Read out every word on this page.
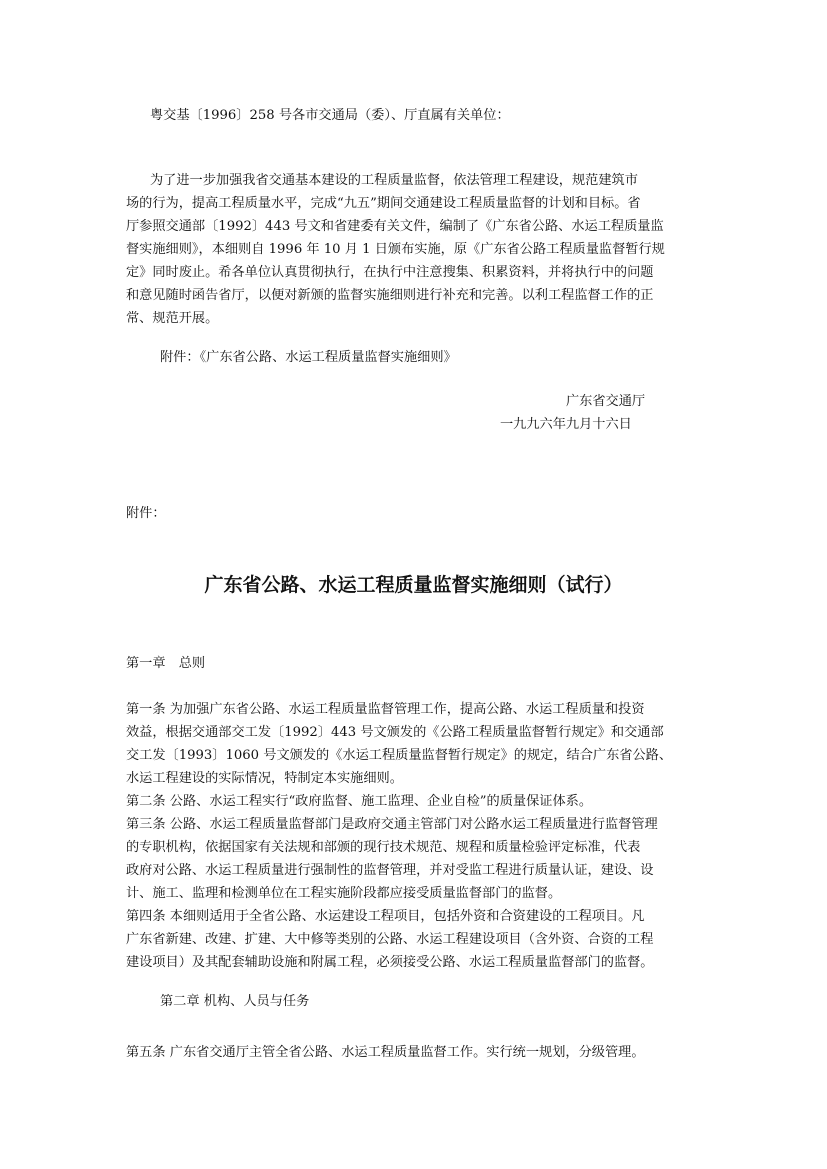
粤交基〔1996〕258 号各市交通局（委）、厅直属有关单位：

为了进一步加强我省交通基本建设的工程质量监督，依法管理工程建设，规范建筑市

场的行为，提高工程质量水平，完成“九五”期间交通建设工程质量监督的计划和目标。省

厅参照交通部〔1992〕443 号文和省建委有关文件，编制了《广东省公路、水运工程质量监

督实施细则》，本细则自 1996 年 10 月 1 日颁布实施，原《广东省公路工程质量监督暂行规

定》同时废止。希各单位认真贯彻执行，在执行中注意搜集、积累资料，并将执行中的问题

和意见随时函告省厅，以便对新颁的监督实施细则进行补充和完善。以利工程监督工作的正

常、规范开展。

附件：《广东省公路、水运工程质量监督实施细则》

广东省交通厅

一九九六年九月十六日

附件：

广东省公路、水运工程质量监督实施细则（试行）

第一章　总则

第一条 为加强广东省公路、水运工程质量监督管理工作，提高公路、水运工程质量和投资

效益，根据交通部交工发〔1992〕443 号文颁发的《公路工程质量监督暂行规定》和交通部

交工发〔1993〕1060 号文颁发的《水运工程质量监督暂行规定》的规定，结合广东省公路、

水运工程建设的实际情况，特制定本实施细则。

第二条 公路、水运工程实行“政府监督、施工监理、企业自检”的质量保证体系。

第三条 公路、水运工程质量监督部门是政府交通主管部门对公路水运工程质量进行监督管理

的专职机构，依据国家有关法规和部颁的现行技术规范、规程和质量检验评定标准，代表

政府对公路、水运工程质量进行强制性的监督管理，并对受监工程进行质量认证，建设、设

计、施工、监理和检测单位在工程实施阶段都应接受质量监督部门的监督。

第四条 本细则适用于全省公路、水运建设工程项目，包括外资和合资建设的工程项目。凡

广东省新建、改建、扩建、大中修等类别的公路、水运工程建设项目（含外资、合资的工程

建设项目）及其配套辅助设施和附属工程，必须接受公路、水运工程质量监督部门的监督。

第二章 机构、人员与任务

第五条 广东省交通厅主管全省公路、水运工程质量监督工作。实行统一规划，分级管理。
